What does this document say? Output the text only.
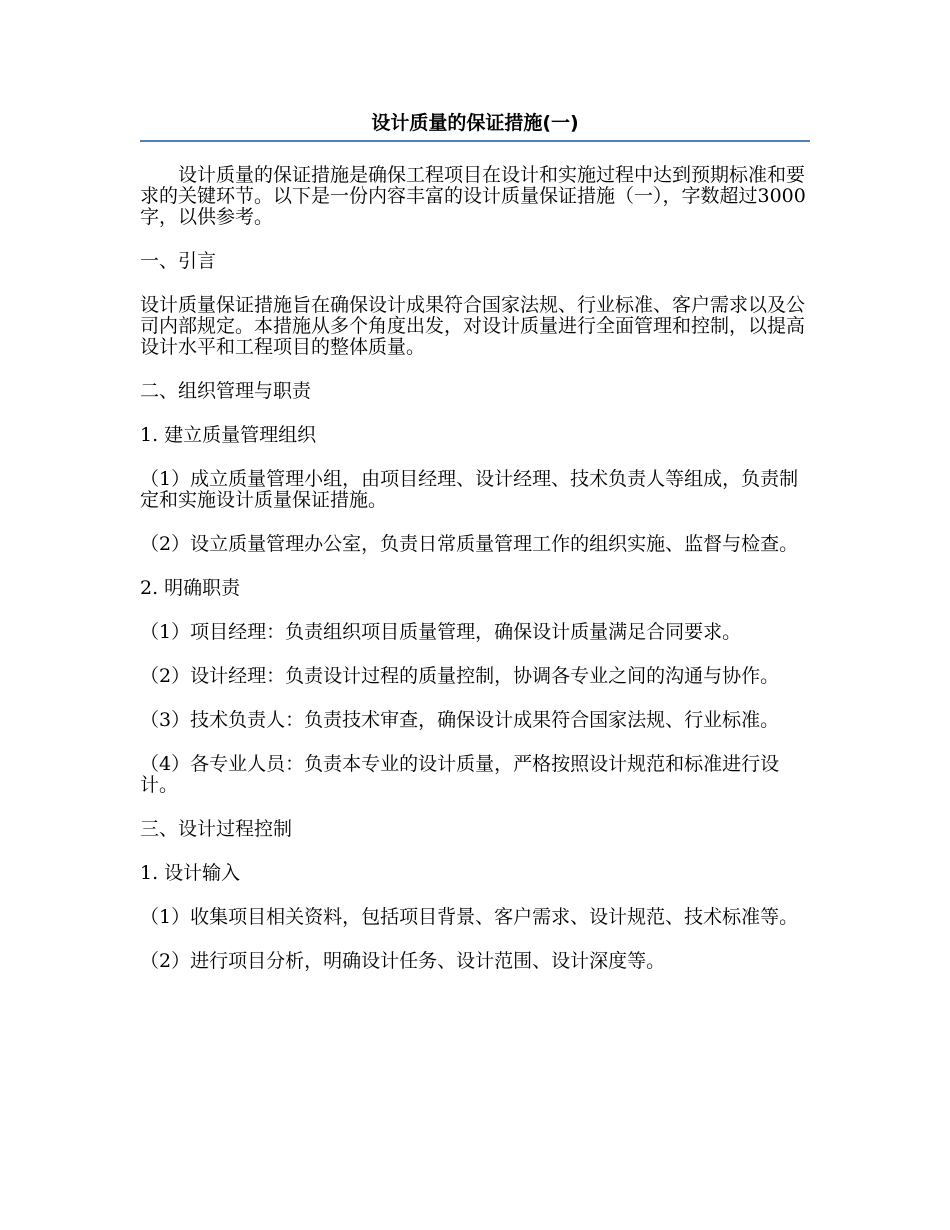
设计质量的保证措施(一)

设计质量的保证措施是确保工程项目在设计和实施过程中达到预期标准和要求的关键环节。以下是一份内容丰富的设计质量保证措施（一），字数超过3000字，以供参考。

一、引言

设计质量保证措施旨在确保设计成果符合国家法规、行业标准、客户需求以及公司内部规定。本措施从多个角度出发，对设计质量进行全面管理和控制，以提高设计水平和工程项目的整体质量。

二、组织管理与职责

1. 建立质量管理组织

（1）成立质量管理小组，由项目经理、设计经理、技术负责人等组成，负责制定和实施设计质量保证措施。

（2）设立质量管理办公室，负责日常质量管理工作的组织实施、监督与检查。

2. 明确职责

（1）项目经理：负责组织项目质量管理，确保设计质量满足合同要求。

（2）设计经理：负责设计过程的质量控制，协调各专业之间的沟通与协作。

（3）技术负责人：负责技术审查，确保设计成果符合国家法规、行业标准。

（4）各专业人员：负责本专业的设计质量，严格按照设计规范和标准进行设计。

三、设计过程控制

1. 设计输入

（1）收集项目相关资料，包括项目背景、客户需求、设计规范、技术标准等。

（2）进行项目分析，明确设计任务、设计范围、设计深度等。
